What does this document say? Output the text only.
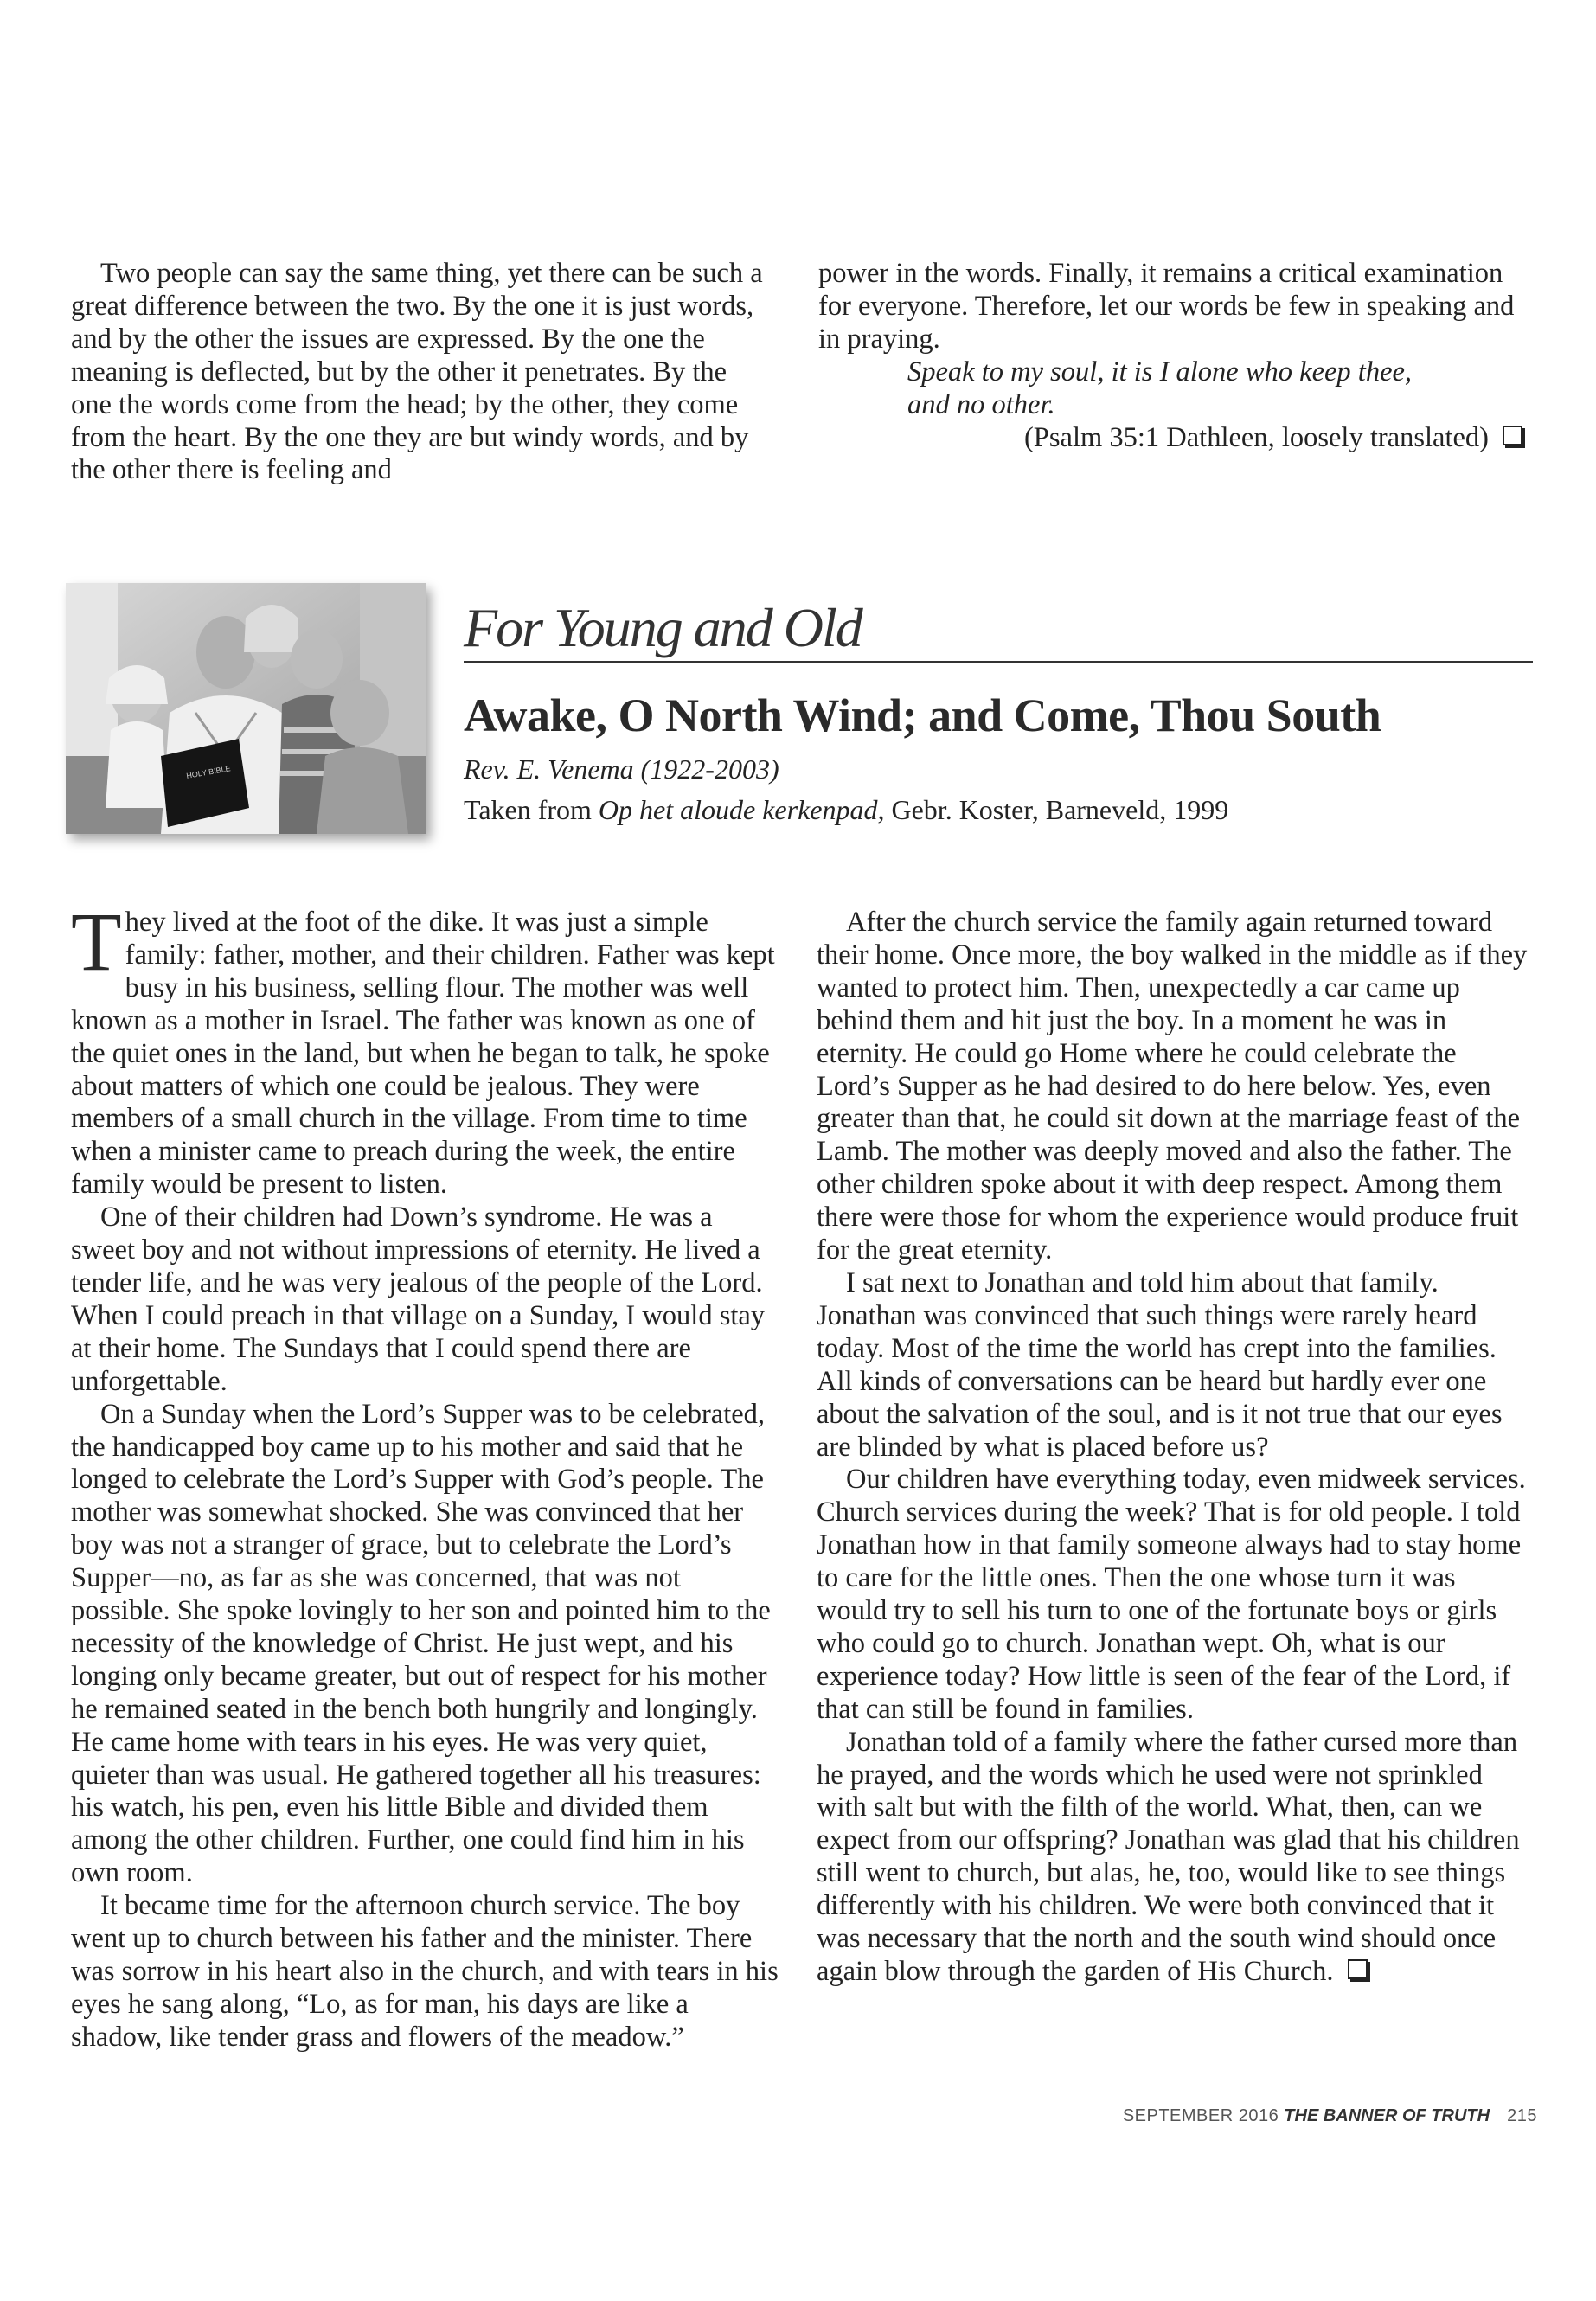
Two people can say the same thing, yet there can be such a great difference between the two. By the one it is just words, and by the other the issues are expressed. By the one the meaning is deflected, but by the other it penetrates. By the one the words come from the head; by the other, they come from the heart. By the one they are but windy words, and by the other there is feeling and

power in the words. Finally, it remains a critical examination for everyone. Therefore, let our words be few in speaking and in praying.

Speak to my soul, it is I alone who keep thee,
and no other.
(Psalm 35:1 Dathleen, loosely translated)
HOLY BIBLE
For Young and Old
Awake, O North Wind; and Come, Thou South
Rev. E. Venema (1922-2003)
Taken from Op het aloude kerkenpad, Gebr. Koster, Barneveld, 1999

They lived at the foot of the dike. It was just a simple family: father, mother, and their children. Father was kept busy in his business, selling flour. The mother was well known as a mother in Israel. The father was known as one of the quiet ones in the land, but when he began to talk, he spoke about matters of which one could be jealous. They were members of a small church in the village. From time to time when a minister came to preach during the week, the entire family would be present to listen.

One of their children had Down’s syndrome. He was a sweet boy and not without impressions of eternity. He lived a tender life, and he was very jealous of the people of the Lord. When I could preach in that village on a Sunday, I would stay at their home. The Sundays that I could spend there are unforgettable.

On a Sunday when the Lord’s Supper was to be celebrated, the handicapped boy came up to his mother and said that he longed to celebrate the Lord’s Supper with God’s people. The mother was somewhat shocked. She was convinced that her boy was not a stranger of grace, but to celebrate the Lord’s Supper—no, as far as she was concerned, that was not possible. She spoke lovingly to her son and pointed him to the necessity of the knowledge of Christ. He just wept, and his longing only became greater, but out of respect for his mother he remained seated in the bench both hungrily and longingly. He came home with tears in his eyes. He was very quiet, quieter than was usual. He gathered together all his treasures: his watch, his pen, even his little Bible and divided them among the other children. Further, one could find him in his own room.

It became time for the afternoon church service. The boy went up to church between his father and the minister. There was sorrow in his heart also in the church, and with tears in his eyes he sang along, “Lo, as for man, his days are like a shadow, like tender grass and flowers of the meadow.”

After the church service the family again returned toward their home. Once more, the boy walked in the middle as if they wanted to protect him. Then, unexpectedly a car came up behind them and hit just the boy. In a moment he was in eternity. He could go Home where he could celebrate the Lord’s Supper as he had desired to do here below. Yes, even greater than that, he could sit down at the marriage feast of the Lamb. The mother was deeply moved and also the father. The other children spoke about it with deep respect. Among them there were those for whom the experience would produce fruit for the great eternity.

I sat next to Jonathan and told him about that family. Jonathan was convinced that such things were rarely heard today. Most of the time the world has crept into the families. All kinds of conversations can be heard but hardly ever one about the salvation of the soul, and is it not true that our eyes are blinded by what is placed before us?

Our children have everything today, even midweek services. Church services during the week? That is for old people. I told Jonathan how in that family someone always had to stay home to care for the little ones. Then the one whose turn it was would try to sell his turn to one of the fortunate boys or girls who could go to church. Jonathan wept. Oh, what is our experience today? How little is seen of the fear of the Lord, if that can still be found in families.

Jonathan told of a family where the father cursed more than he prayed, and the words which he used were not sprinkled with salt but with the filth of the world. What, then, can we expect from our offspring? Jonathan was glad that his children still went to church, but alas, he, too, would like to see things differently with his children. We were both convinced that it was necessary that the north and the south wind should once again blow through the garden of His Church.

SEPTEMBER 2016 THE BANNER OF TRUTH 215
